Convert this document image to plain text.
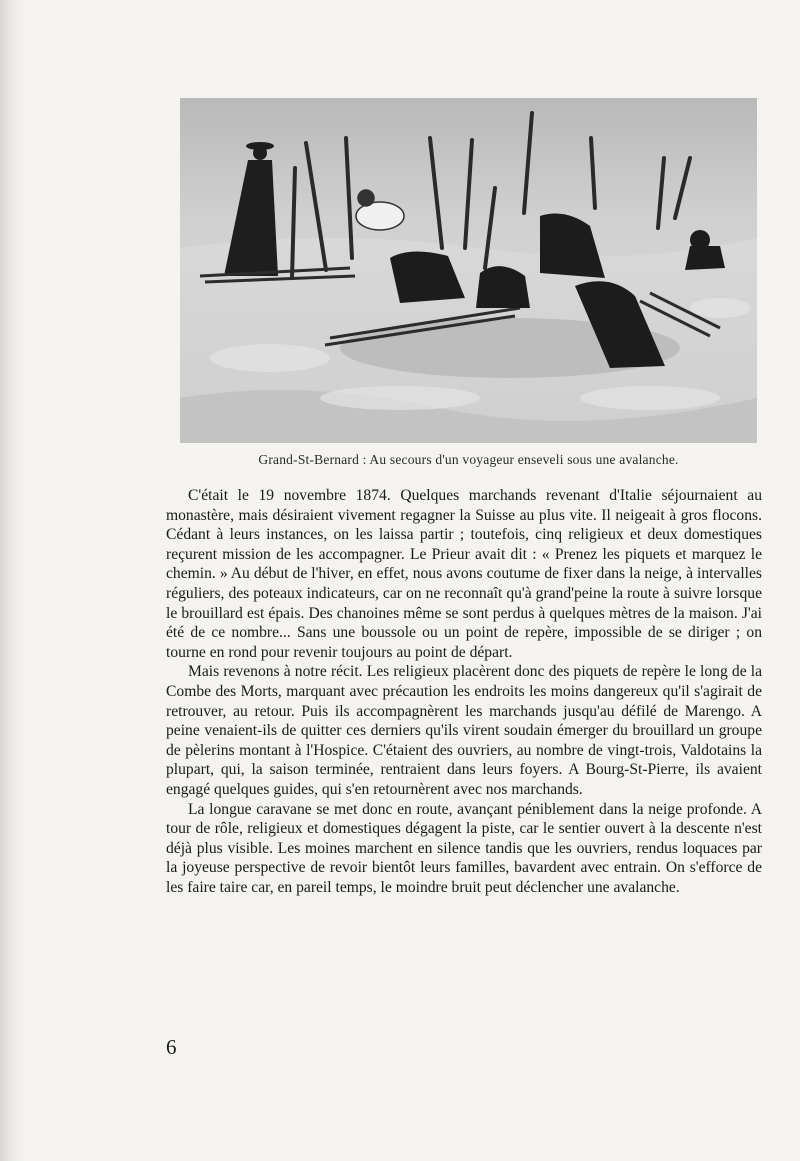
Grand-St-Bernard : Au secours d'un voyageur enseveli sous une avalanche.

C'était le 19 novembre 1874. Quelques marchands revenant d'Italie séjournaient au monastère, mais désiraient vivement regagner la Suisse au plus vite. Il neigeait à gros flocons. Cédant à leurs instances, on les laissa partir ; toutefois, cinq religieux et deux domestiques reçurent mission de les accompagner. Le Prieur avait dit : « Prenez les piquets et marquez le chemin. » Au début de l'hiver, en effet, nous avons coutume de fixer dans la neige, à intervalles réguliers, des poteaux indicateurs, car on ne reconnaît qu'à grand'peine la route à suivre lorsque le brouillard est épais. Des chanoines même se sont perdus à quelques mètres de la maison. J'ai été de ce nombre... Sans une boussole ou un point de repère, impossible de se diriger ; on tourne en rond pour revenir toujours au point de départ.

Mais revenons à notre récit. Les religieux placèrent donc des piquets de repère le long de la Combe des Morts, marquant avec précaution les endroits les moins dangereux qu'il s'agirait de retrouver, au retour. Puis ils accompagnèrent les marchands jusqu'au défilé de Marengo. A peine venaient-ils de quitter ces derniers qu'ils virent soudain émerger du brouillard un groupe de pèlerins montant à l'Hospice. C'étaient des ouvriers, au nombre de vingt-trois, Valdotains la plupart, qui, la saison terminée, rentraient dans leurs foyers. A Bourg-St-Pierre, ils avaient engagé quelques guides, qui s'en retournèrent avec nos marchands.

La longue caravane se met donc en route, avançant péniblement dans la neige profonde. A tour de rôle, religieux et domestiques dégagent la piste, car le sentier ouvert à la descente n'est déjà plus visible. Les moines marchent en silence tandis que les ouvriers, rendus loquaces par la joyeuse perspective de revoir bientôt leurs familles, bavardent avec entrain. On s'efforce de les faire taire car, en pareil temps, le moindre bruit peut déclencher une avalanche.

6
